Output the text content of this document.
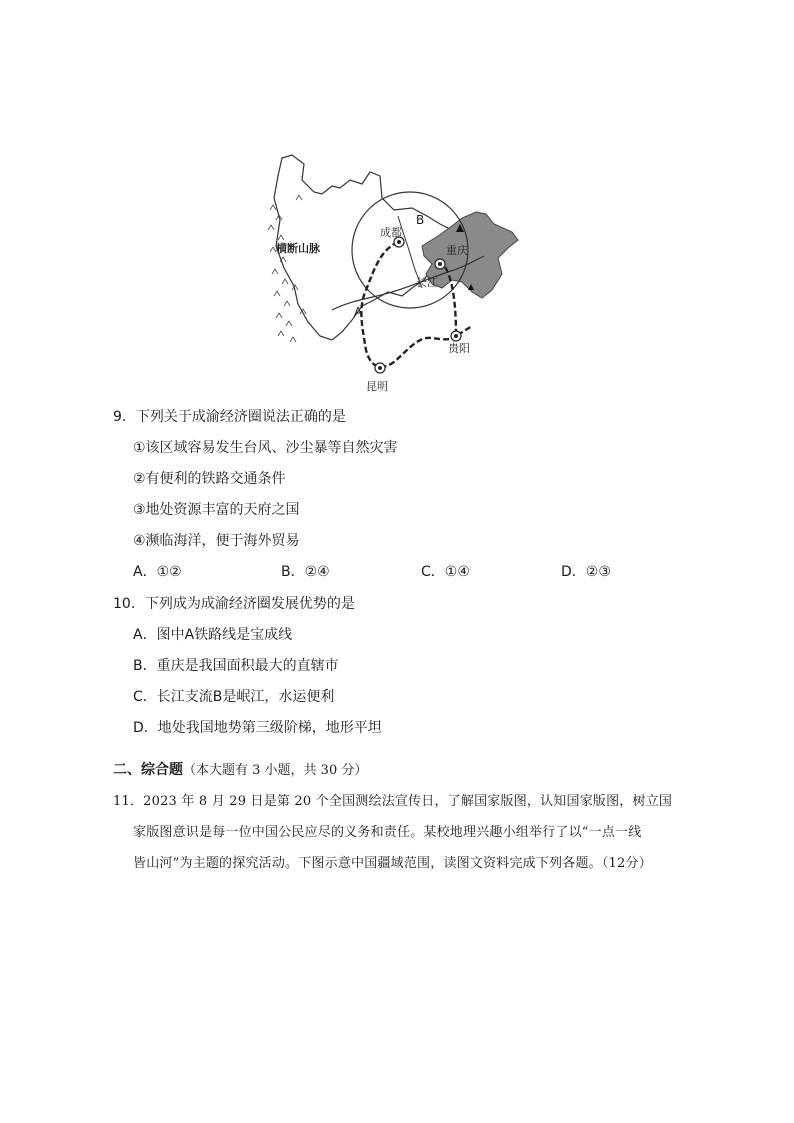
横断山脉
成都
重庆
长江
贵阳
昆明
A
B
9．下列关于成渝经济圈说法正确的是
①该区域容易发生台风、沙尘暴等自然灾害
②有便利的铁路交通条件
③地处资源丰富的天府之国
④濒临海洋，便于海外贸易
A．①②	B．②④	C．①④	D．②③
10．下列成为成渝经济圈发展优势的是
A．图中A铁路线是宝成线
B．重庆是我国面积最大的直辖市
C．长江支流B是岷江，水运便利
D．地处我国地势第三级阶梯，地形平坦
二、综合题（本大题有 3 小题，共 30 分）
11．2023 年 8 月 29 日是第 20 个全国测绘法宣传日，了解国家版图，认知国家版图，树立国
家版图意识是每一位中国公民应尽的义务和责任。某校地理兴趣小组举行了以“一点一线
皆山河”为主题的探究活动。下图示意中国疆域范围，读图文资料完成下列各题。（12分）
